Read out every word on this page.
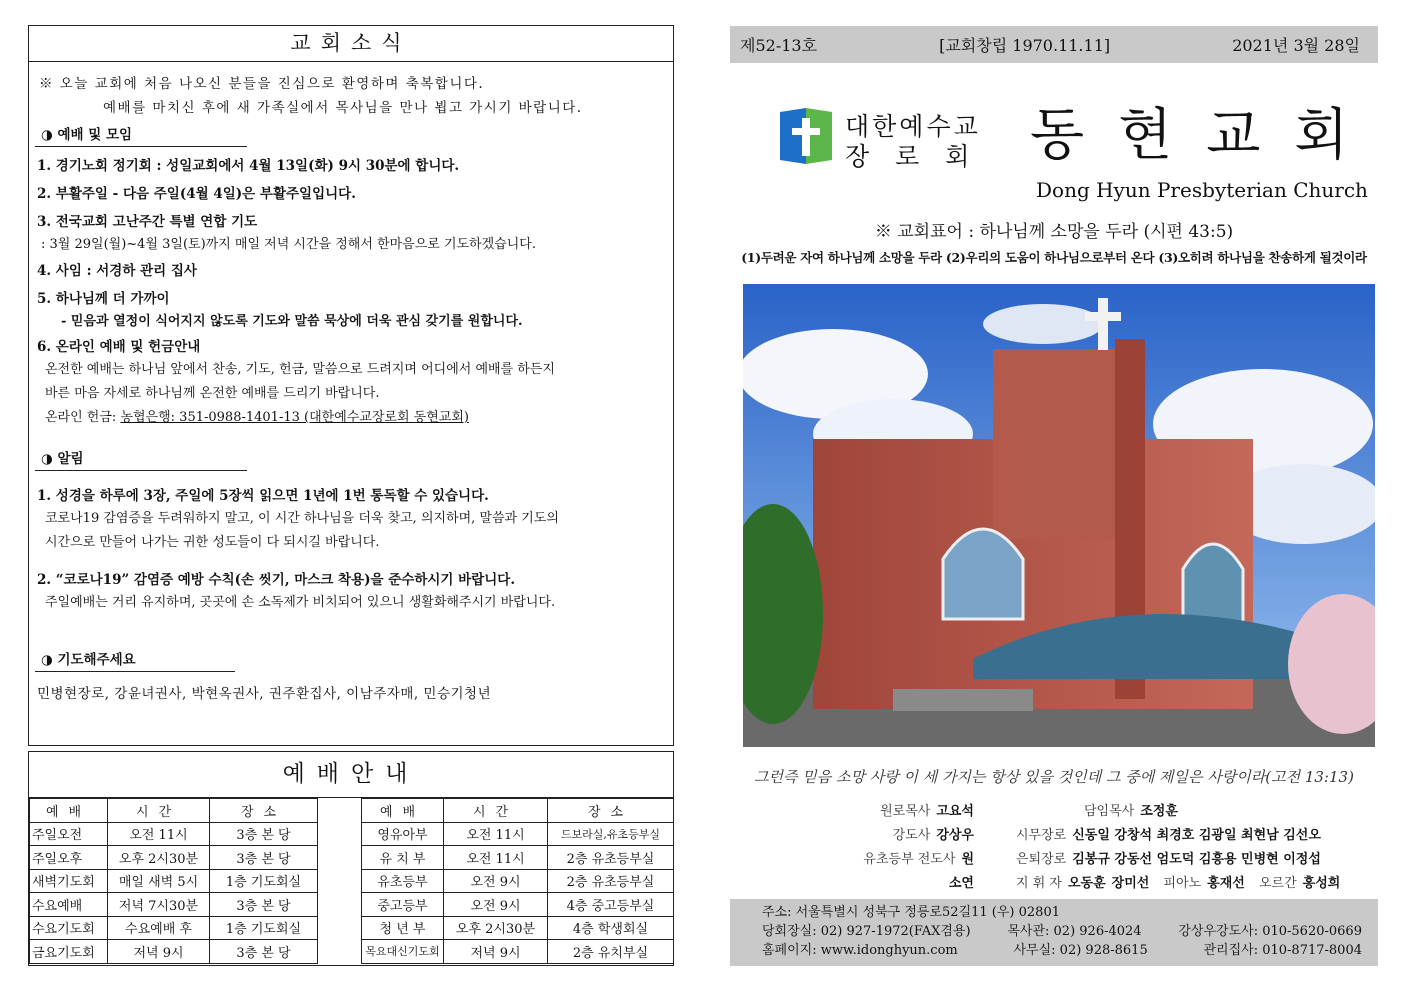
교회소식
※ 오늘 교회에 처음 나오신 분들을 진심으로 환영하며 축복합니다.
예배를 마치신 후에 새 가족실에서 목사님을 만나 뵙고 가시기 바랍니다.
◑ 예배 및 모임
1. 경기노회 정기회 : 성일교회에서 4월 13일(화) 9시 30분에 합니다.
2. 부활주일 - 다음 주일(4월 4일)은 부활주일입니다.
3. 전국교회 고난주간 특별 연합 기도
: 3월 29일(월)~4월 3일(토)까지 매일 저녁 시간을 정해서 한마음으로 기도하겠습니다.
4. 사임 : 서경하 관리 집사
5. 하나님께 더 가까이
- 믿음과 열정이 식어지지 않도록 기도와 말씀 묵상에 더욱 관심 갖기를 원합니다.
6. 온라인 예배 및 헌금안내
온전한 예배는 하나님 앞에서 찬송, 기도, 헌금, 말씀으로 드려지며 어디에서 예배를 하든지
바른 마음 자세로 하나님께 온전한 예배를 드리기 바랍니다.
온라인 헌금: 농협은행: 351-0988-1401-13 (대한예수교장로회 동현교회)
◑ 알림
1. 성경을 하루에 3장, 주일에 5장씩 읽으면 1년에 1번 통독할 수 있습니다.
코로나19 감염증을 두려워하지 말고, 이 시간 하나님을 더욱 찾고, 의지하며, 말씀과 기도의
시간으로 만들어 나가는 귀한 성도들이 다 되시길 바랍니다.
2. “코로나19” 감염증 예방 수칙(손 씻기, 마스크 착용)을 준수하시기 바랍니다.
주일예배는 거리 유지하며, 곳곳에 손 소독제가 비치되어 있으니 생활화해주시기 바랍니다.
◑ 기도해주세요
민병현장로, 강윤녀권사, 박현옥권사, 권주환집사, 이남주자매, 민승기청년
예배안내
예배	시간	장소		예배	시간	장소
주일오전	오전 11시	3층 본 당		영유아부	오전 11시	드보라실,유초등부실
주일오후	오후 2시30분	3층 본 당		유 치 부	오전 11시	2층 유초등부실
새벽기도회	매일 새벽 5시	1층 기도회실		유초등부	오전 9시	2층 유초등부실
수요예배	저녁 7시30분	3층 본 당		중고등부	오전 9시	4층 중고등부실
수요기도회	수요예배 후	1층 기도회실		청 년 부	오후 2시30분	4층 학생회실
금요기도회	저녁 9시	3층 본 당		목요대신기도회	저녁 9시	2층 유치부실
제52-13호	[교회창립 1970.11.11]	2021년 3월 28일
대한예수교
장로회 동현교회
Dong Hyun Presbyterian Church
※ 교회표어 : 하나님께 소망을 두라 (시편 43:5)
(1)두려운 자여 하나님께 소망을 두라 (2)우리의 도움이 하나님으로부터 온다 (3)오히려 하나님을 찬송하게 될것이라
그런즉 믿음 소망 사랑 이 세 가지는 항상 있을 것인데 그 중에 제일은 사랑이라(고전 13:13)
원로목사 고요석
강도사 강상우
유초등부 전도사 원소연
담임목사 조정훈
시무장로 신동일 강창석 최경호 김광일 최현남 김선오
은퇴장로 김봉규 강동선 엄도덕 김흥용 민병현 이정섭
지 휘 자 오동훈 장미선 피아노 홍재선 오르간 홍성희
주소: 서울특별시 성북구 정릉로52길11 (우) 02801
당회장실: 02) 927-1972(FAX겸용)	목사관: 02) 926-4024	강상우강도사: 010-5620-0669
홈페이지: www.idonghyun.com	사무실: 02) 928-8615	관리집사: 010-8717-8004
